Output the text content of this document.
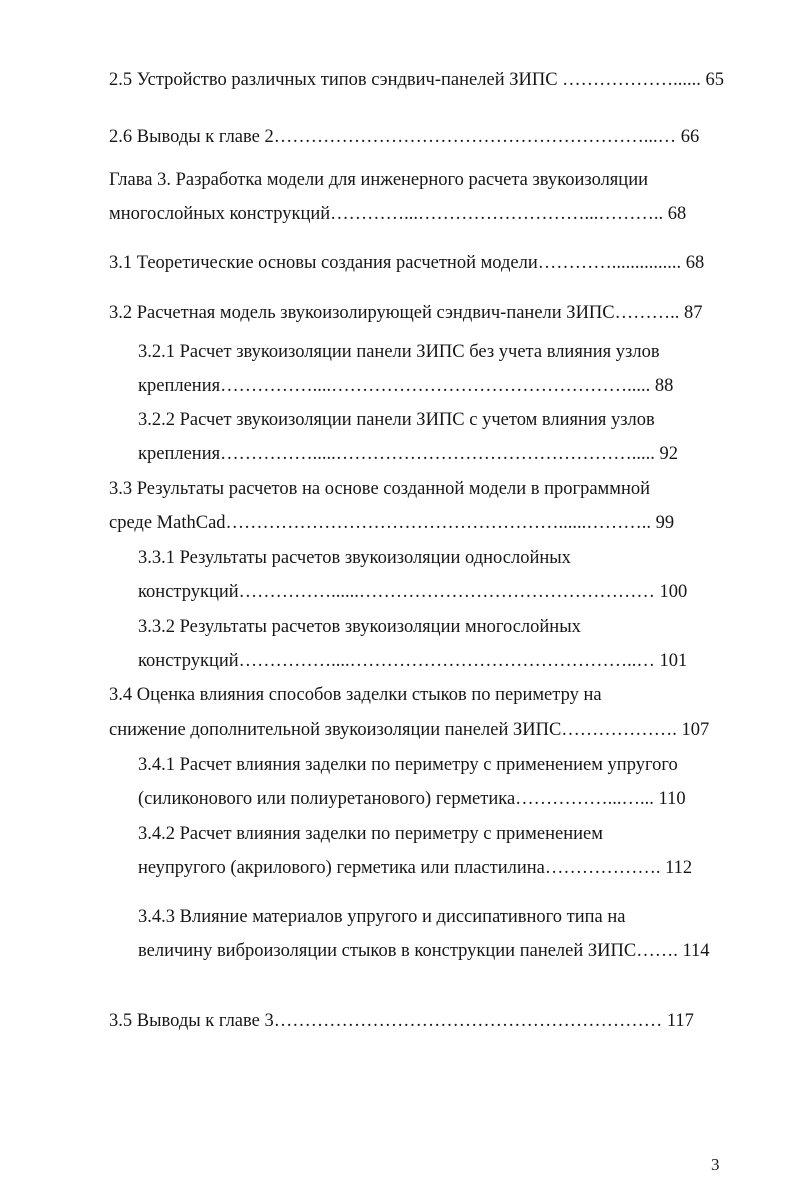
2.5 Устройство различных типов сэндвич-панелей ЗИПС ………………...... 65
2.6 Выводы к главе 2……………………………………………………...… 66
Глава 3. Разработка модели для инженерного расчета звукоизоляции
многослойных конструкций…………...………………………...……….. 68
3.1 Теоретические основы создания расчетной модели…………............... 68
3.2 Расчетная модель звукоизолирующей сэндвич-панели ЗИПС……….. 87
3.2.1 Расчет звукоизоляции панели ЗИПС без учета влияния узлов
крепления……………....…………………………………………..... 88
3.2.2 Расчет звукоизоляции панели ЗИПС с учетом влияния узлов
крепления…………….....…………………………………………..... 92
3.3 Результаты расчетов на основе созданной модели в программной
среде MathCad………………………………………………......……….. 99
3.3.1 Результаты расчетов звукоизоляции однослойных
конструкций……………......………………………………………… 100
3.3.2 Результаты расчетов звукоизоляции многослойных
конструкций……………....………………………………………..… 101
3.4 Оценка влияния способов заделки стыков по периметру на
снижение дополнительной звукоизоляции панелей ЗИПС………………. 107
3.4.1 Расчет влияния заделки по периметру с применением упругого
(силиконового или полиуретанового) герметика……………...…... 110
3.4.2 Расчет влияния заделки по периметру с применением
неупругого (акрилового) герметика или пластилина………………. 112
3.4.3 Влияние материалов упругого и диссипативного типа на
величину виброизоляции стыков в конструкции панелей ЗИПС……. 114
3.5 Выводы к главе 3……………………………………………………… 117
3
